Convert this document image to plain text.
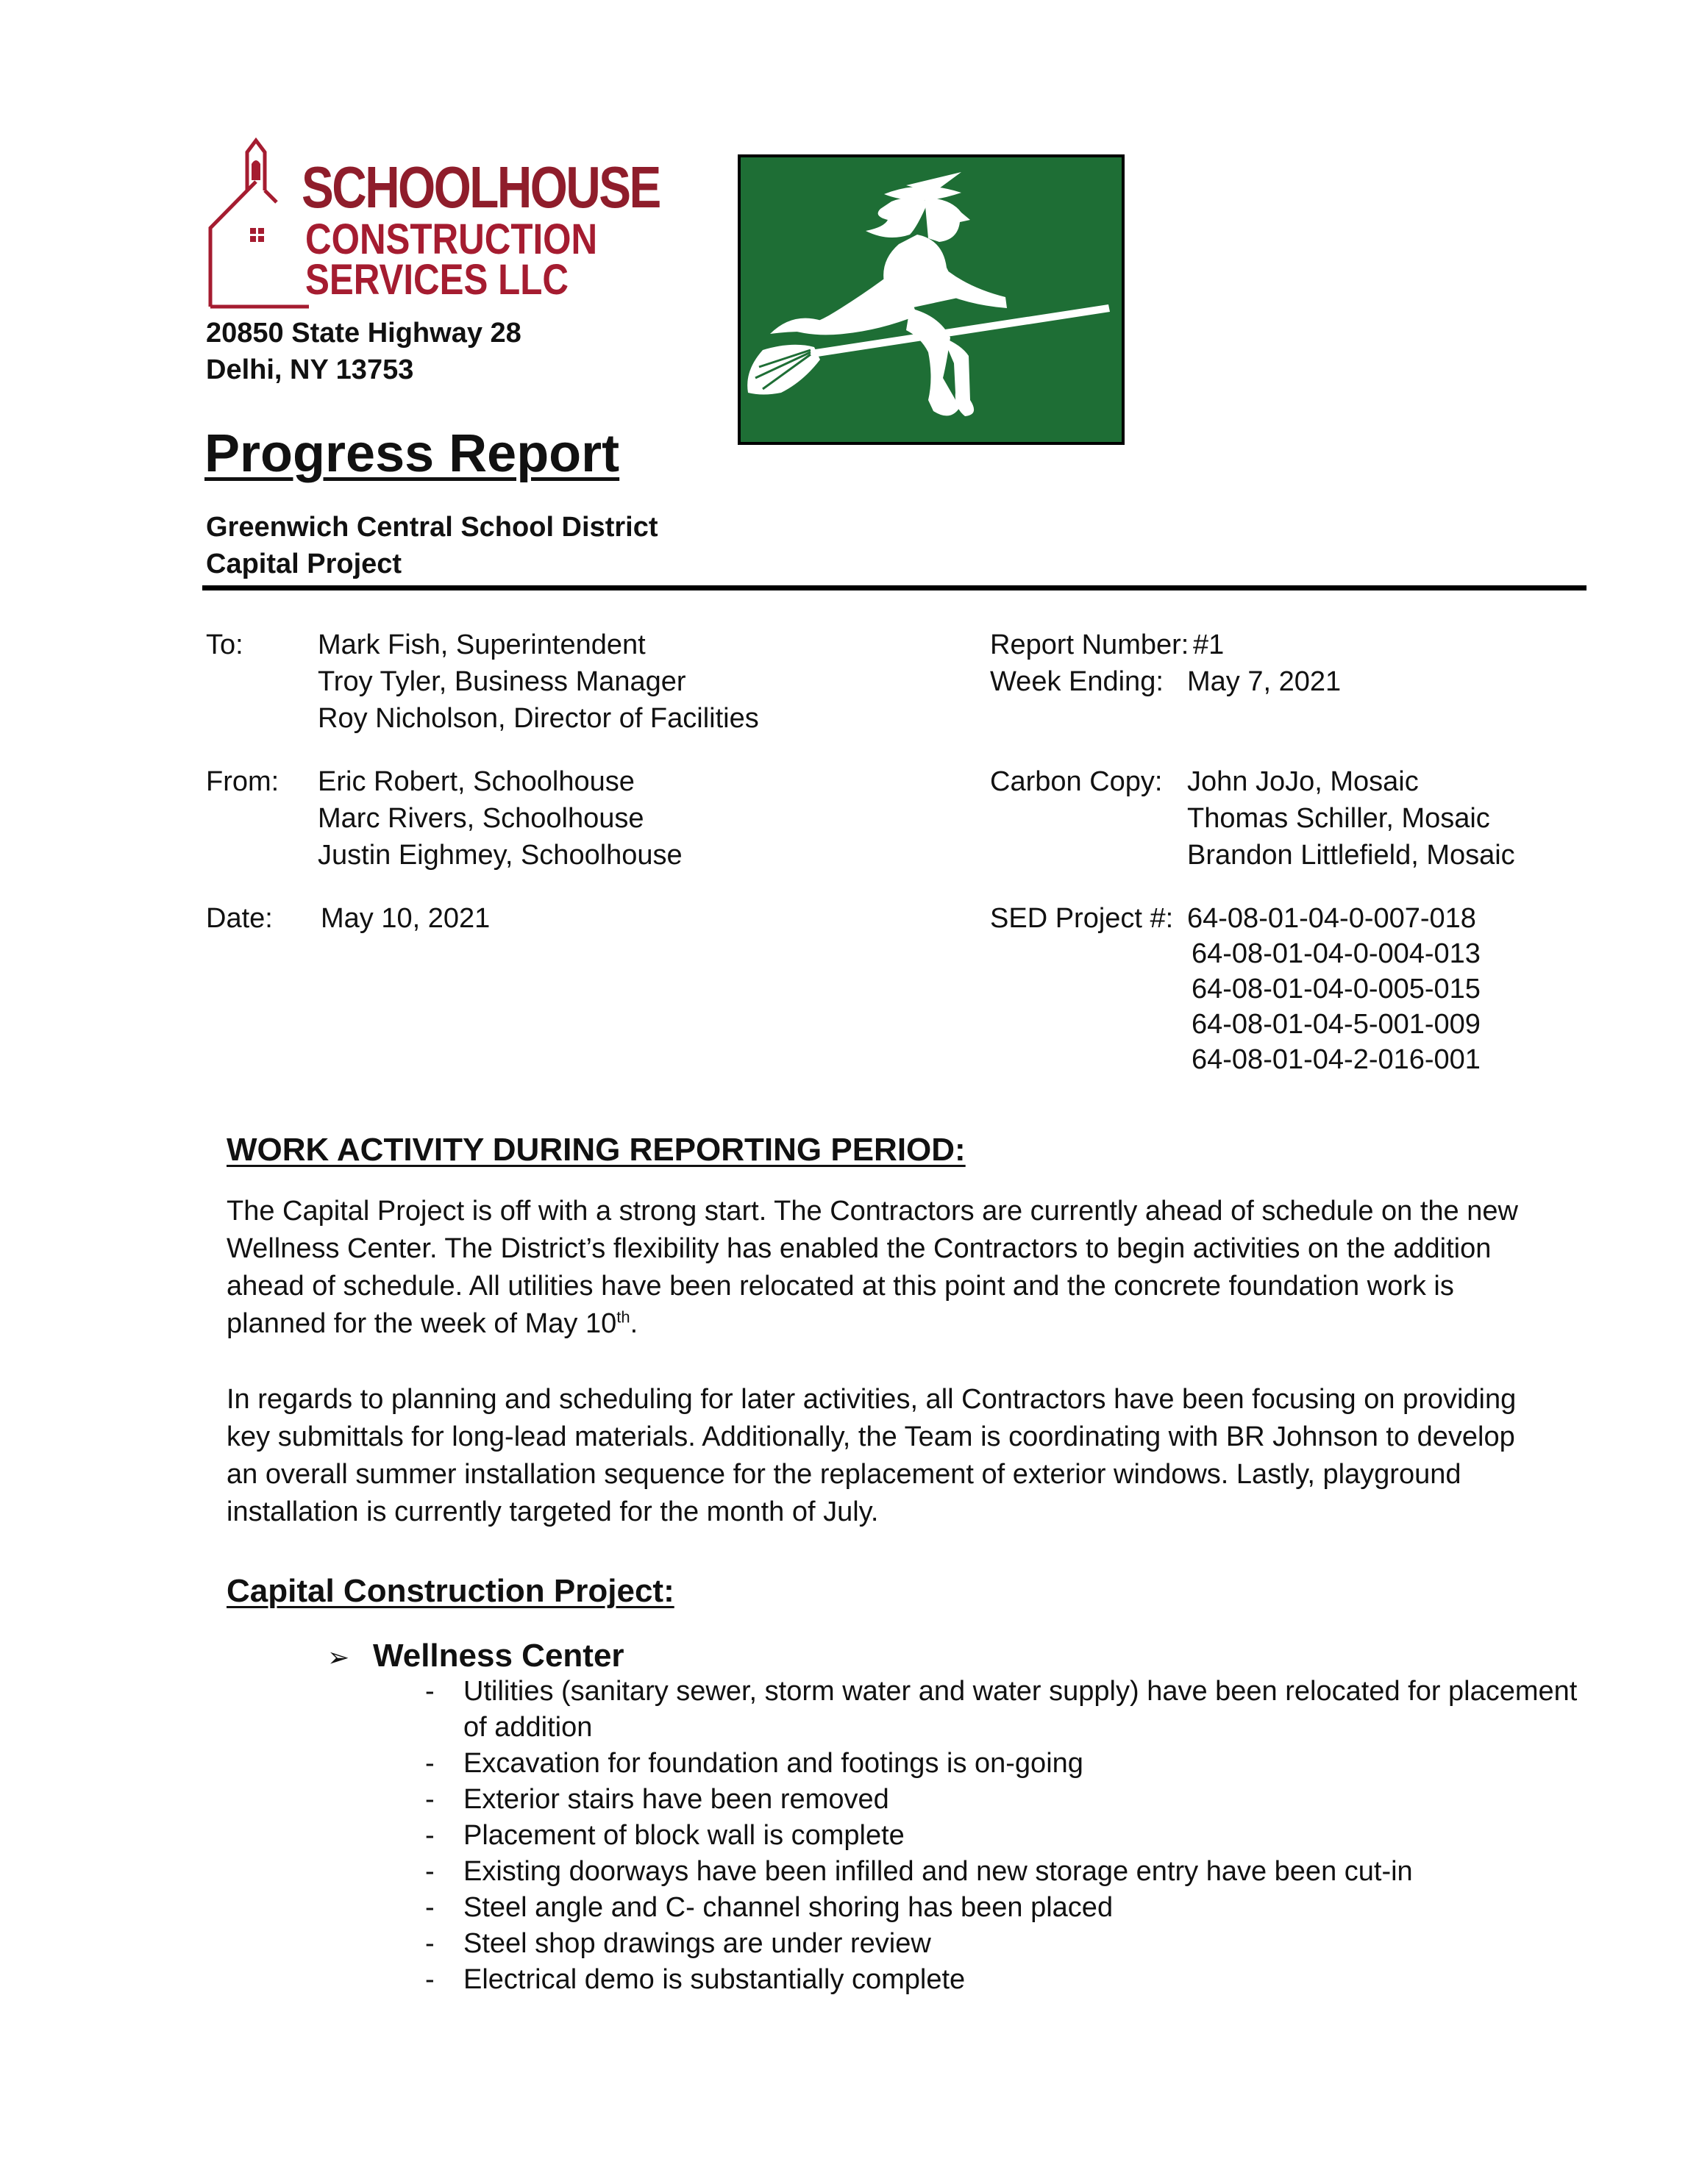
SCHOOLHOUSE
CONSTRUCTION
SERVICES LLC
20850 State Highway 28
Delhi, NY 13753
Progress Report
Greenwich Central School District
Capital Project
To:	Mark Fish, Superintendent
Troy Tyler, Business Manager
Roy Nicholson, Director of Facilities
From: Eric Robert, Schoolhouse
Marc Rivers, Schoolhouse
Justin Eighmey, Schoolhouse
Date: May 10, 2021
Report Number: #1
Week Ending: May 7, 2021
Carbon Copy: John JoJo, Mosaic
Thomas Schiller, Mosaic
Brandon Littlefield, Mosaic
SED Project #: 64-08-01-04-0-007-018
64-08-01-04-0-004-013
64-08-01-04-0-005-015
64-08-01-04-5-001-009
64-08-01-04-2-016-001
WORK ACTIVITY DURING REPORTING PERIOD:

The Capital Project is off with a strong start. The Contractors are currently ahead of schedule on the new Wellness Center. The District’s flexibility has enabled the Contractors to begin activities on the addition ahead of schedule. All utilities have been relocated at this point and the concrete foundation work is planned for the week of May 10th.

In regards to planning and scheduling for later activities, all Contractors have been focusing on providing key submittals for long-lead materials. Additionally, the Team is coordinating with BR Johnson to develop an overall summer installation sequence for the replacement of exterior windows. Lastly, playground installation is currently targeted for the month of July.

Capital Construction Project:
➢ Wellness Center
- Utilities (sanitary sewer, storm water and water supply) have been relocated for placement of addition
- Excavation for foundation and footings is on-going
- Exterior stairs have been removed
- Placement of block wall is complete
- Existing doorways have been infilled and new storage entry have been cut-in
- Steel angle and C- channel shoring has been placed
- Steel shop drawings are under review
- Electrical demo is substantially complete
